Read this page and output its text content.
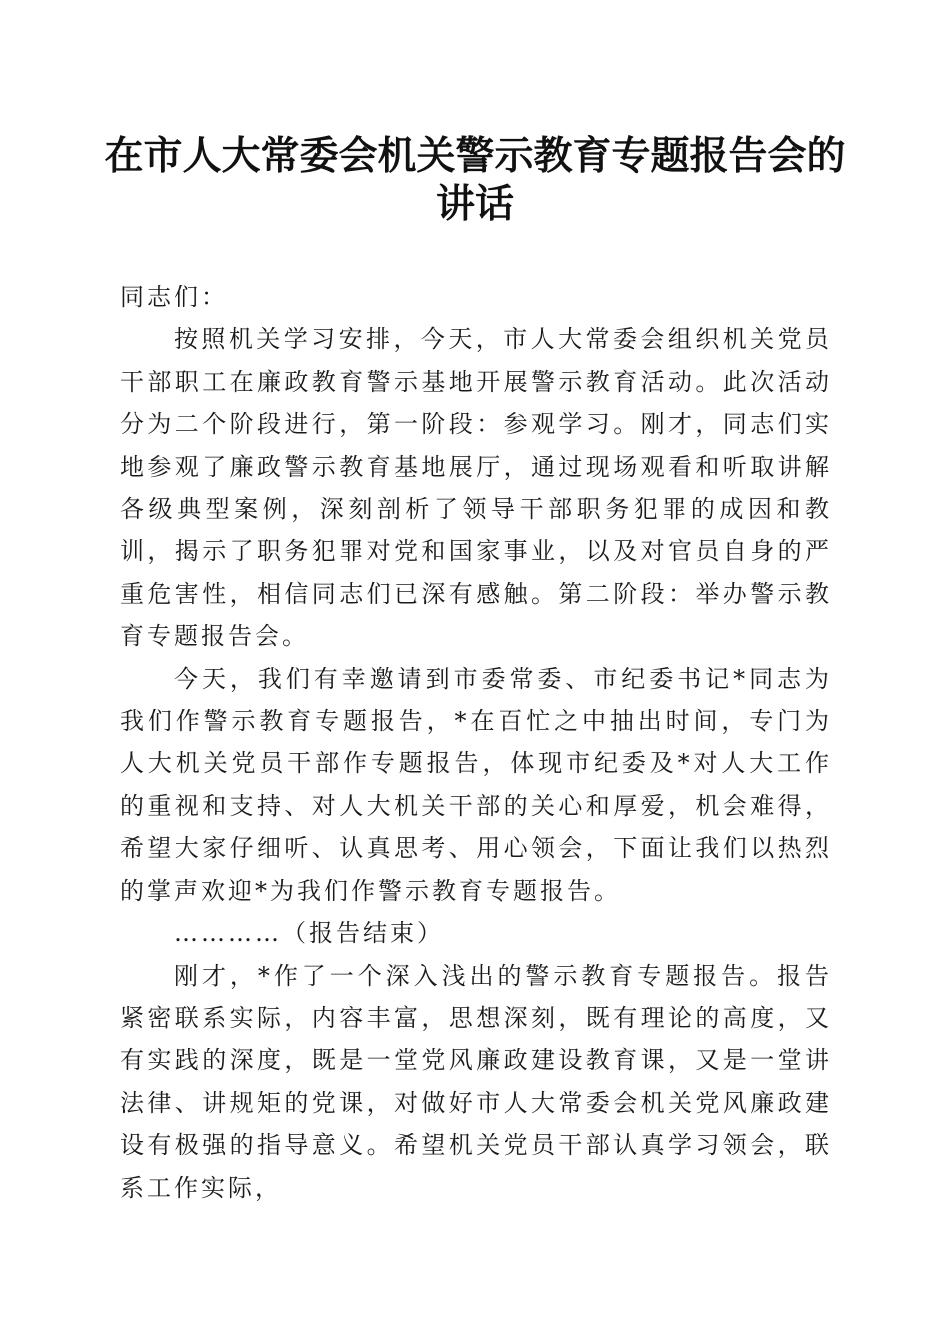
在市人大常委会机关警示教育专题报告会的讲话

同志们：

按照机关学习安排，今天，市人大常委会组织机关党员干部职工在廉政教育警示基地开展警示教育活动。此次活动分为二个阶段进行，第一阶段：参观学习。刚才，同志们实地参观了廉政警示教育基地展厅，通过现场观看和听取讲解各级典型案例，深刻剖析了领导干部职务犯罪的成因和教训，揭示了职务犯罪对党和国家事业，以及对官员自身的严重危害性，相信同志们已深有感触。第二阶段：举办警示教育专题报告会。

今天，我们有幸邀请到市委常委、市纪委书记*同志为我们作警示教育专题报告，*在百忙之中抽出时间，专门为人大机关党员干部作专题报告，体现市纪委及*对人大工作的重视和支持、对人大机关干部的关心和厚爱，机会难得，希望大家仔细听、认真思考、用心领会，下面让我们以热烈的掌声欢迎*为我们作警示教育专题报告。

…………（报告结束）

刚才，*作了一个深入浅出的警示教育专题报告。报告紧密联系实际，内容丰富，思想深刻，既有理论的高度，又有实践的深度，既是一堂党风廉政建设教育课，又是一堂讲法律、讲规矩的党课，对做好市人大常委会机关党风廉政建设有极强的指导意义。希望机关党员干部认真学习领会，联系工作实际，
